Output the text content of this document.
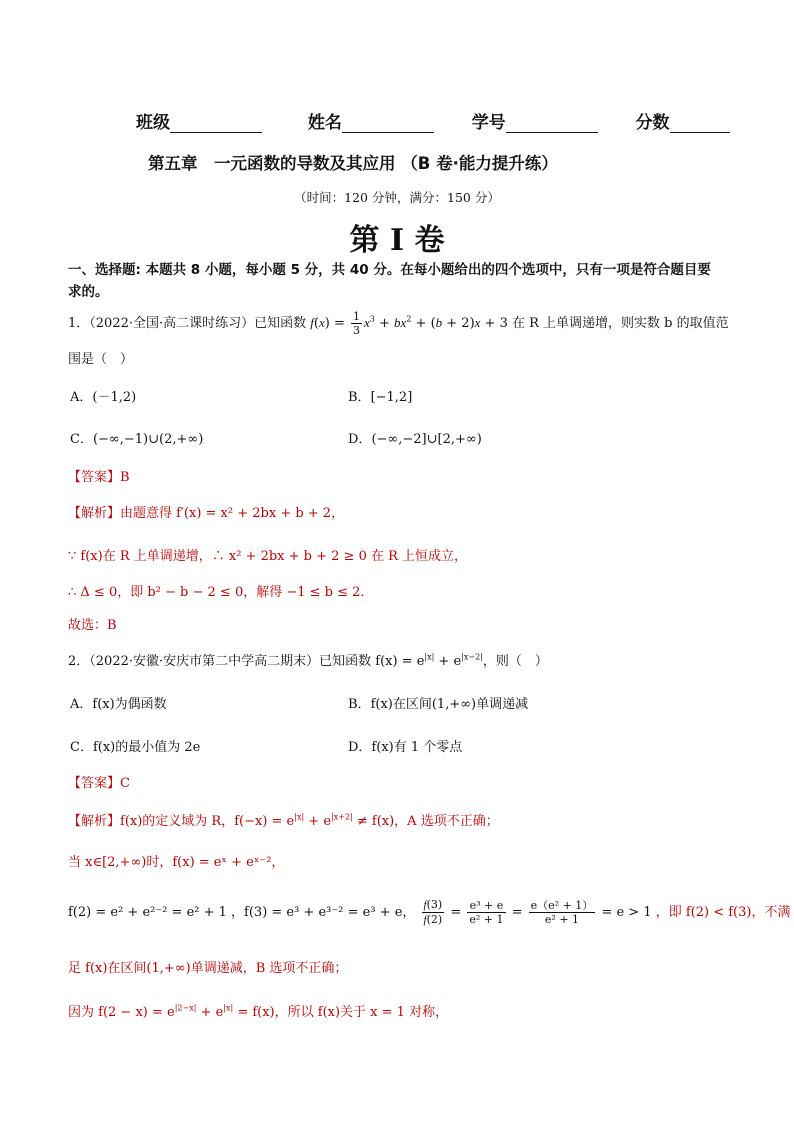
班级	姓名	学号	分数
第五章　一元函数的导数及其应用 （B 卷·能力提升练）
（时间：120 分钟，满分：150 分）
第 I 卷
一、选择题: 本题共 8 小题，每小题 5 分，共 40 分。在每小题给出的四个选项中，只有一项是符合题目要
求的。
1．（2022·全国·高二课时练习）已知函数 $f(x) = \frac{1}{3} x^3 + bx^2 + (b + 2)x + 3$ 在 R 上单调递增，则实数 b 的取值范
围是（　）
A．(－1,2)	B．[−1,2]
C．(−∞,−1)∪(2,+∞)	D．(−∞,−2]∪[2,+∞)
【答案】B
【解析】由题意得 f′(x) = x² + 2bx + b + 2，
∵ f(x)在 R 上单调递增，∴ x² + 2bx + b + 2 ≥ 0 在 R 上恒成立，
∴ Δ ≤ 0，即 b² − b − 2 ≤ 0，解得 −1 ≤ b ≤ 2．
故选：B
2．（2022·安徽·安庆市第二中学高二期末）已知函数 $f(x) = e^{|x|} + e^{|x-2|}$，则（　）
A．f(x)为偶函数	B．f(x)在区间(1,+∞)单调递减
C．f(x)的最小值为 2e	D．f(x)有 1 个零点
【答案】C
【解析】f(x)的定义域为 R，$f(-x) = e^{|x|} + e^{|x+2|} \ne f(x)$，A 选项不正确；
当 x∈[2,+∞)时，f(x) = eˣ + eˣ⁻²，
f(2) = e² + e²⁻² = e² + 1 ，f(3) = e³ + e³⁻² = e³ + e， $\frac{f(3)}{f(2)} = \frac{\text{e³ + e}}{\text{e² + 1}} = \frac{\text{e（e² + 1）}}{\text{e² + 1}} = e > 1$ ，即 f(2) < f(3)，不满
足 f(x)在区间(1,+∞)单调递减，B 选项不正确；
因为 $f(2 - x) = e^{|2-x|} + e^{|x|} = f(x)$，所以 f(x)关于 x = 1 对称，
